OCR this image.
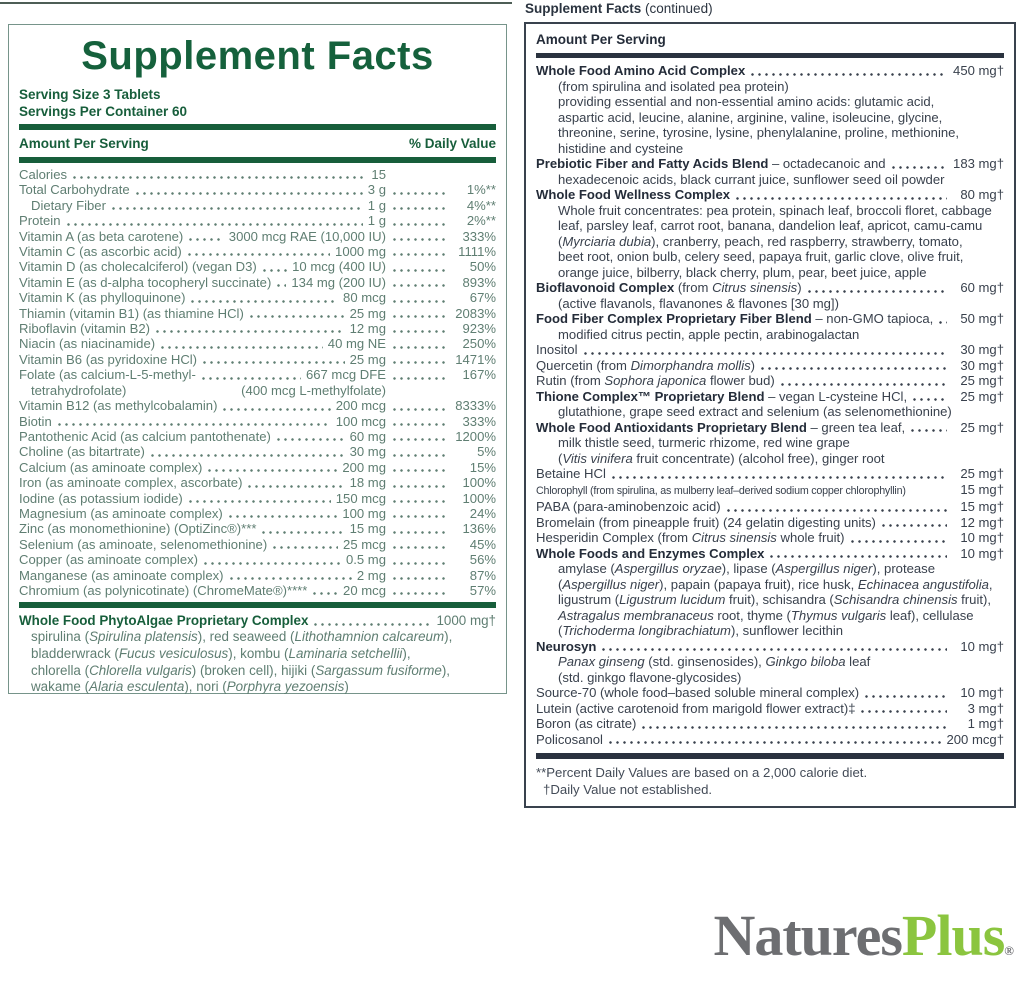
Supplement Facts
Serving Size 3 Tablets
Servings Per Container 60
Amount Per Serving	% Daily Value
Calories	15
Total Carbohydrate	3 g	1%**
Dietary Fiber	1 g	4%**
Protein	1 g	2%**
Vitamin A (as beta carotene)	3000 mcg RAE (10,000 IU)	333%
Vitamin C (as ascorbic acid)	1000 mg	1111%
Vitamin D (as cholecalciferol) (vegan D3)	10 mcg (400 IU)	50%
Vitamin E (as d-alpha tocopheryl succinate) 134 mg (200 IU)	893%
Vitamin K (as phylloquinone)	80 mcg	67%
Thiamin (vitamin B1) (as thiamine HCl)	25 mg	2083%
Riboflavin (vitamin B2)	12 mg	923%
Niacin (as niacinamide)	40 mg NE	250%
Vitamin B6 (as pyridoxine HCl)	25 mg	1471%
Folate (as calcium-L-5-methyl-	667 mcg DFE	167%
tetrahydrofolate)	(400 mcg L-methylfolate)
Vitamin B12 (as methylcobalamin)	200 mcg	8333%
Biotin	100 mcg	333%
Pantothenic Acid (as calcium pantothenate)	60 mg	1200%
Choline (as bitartrate)	30 mg	5%
Calcium (as aminoate complex)	200 mg	15%
Iron (as aminoate complex, ascorbate)	18 mg	100%
Iodine (as potassium iodide)	150 mcg	100%
Magnesium (as aminoate complex)	100 mg	24%
Zinc (as monomethionine) (OptiZinc®)***	15 mg	136%
Selenium (as aminoate, selenomethionine)	25 mcg	45%
Copper (as aminoate complex)	0.5 mg	56%
Manganese (as aminoate complex)	2 mg	87%
Chromium (as polynicotinate) (ChromeMate®)****	20 mcg	57%
Whole Food PhytoAlgae Proprietary Complex	1000 mg†
spirulina (Spirulina platensis), red seaweed (Lithothamnion calcareum),
bladderwrack (Fucus vesiculosus), kombu (Laminaria setchellii),
chlorella (Chlorella vulgaris) (broken cell), hijiki (Sargassum fusiforme),
wakame (Alaria esculenta), nori (Porphyra yezoensis)
Supplement Facts (continued)
Amount Per Serving
Whole Food Amino Acid Complex	450 mg†
(from spirulina and isolated pea protein)
providing essential and non-essential amino acids: glutamic acid,
aspartic acid, leucine, alanine, arginine, valine, isoleucine, glycine,
threonine, serine, tyrosine, lysine, phenylalanine, proline, methionine,
histidine and cysteine
Prebiotic Fiber and Fatty Acids Blend – octadecanoic and	183 mg†
hexadecenoic acids, black currant juice, sunflower seed oil powder
Whole Food Wellness Complex	80 mg†
Whole fruit concentrates: pea protein, spinach leaf, broccoli floret, cabbage
leaf, parsley leaf, carrot root, banana, dandelion leaf, apricot, camu-camu
(Myrciaria dubia), cranberry, peach, red raspberry, strawberry, tomato,
beet root, onion bulb, celery seed, papaya fruit, garlic clove, olive fruit,
orange juice, bilberry, black cherry, plum, pear, beet juice, apple
Bioflavonoid Complex (from Citrus sinensis)	60 mg†
(active flavanols, flavanones & flavones [30 mg])
Food Fiber Complex Proprietary Fiber Blend – non-GMO tapioca,	50 mg†
modified citrus pectin, apple pectin, arabinogalactan
Inositol	30 mg†
Quercetin (from Dimorphandra mollis)	30 mg†
Rutin (from Sophora japonica flower bud)	25 mg†
Thione Complex™ Proprietary Blend – vegan L-cysteine HCl,	25 mg†
glutathione, grape seed extract and selenium (as selenomethionine)
Whole Food Antioxidants Proprietary Blend – green tea leaf,	25 mg†
milk thistle seed, turmeric rhizome, red wine grape
(Vitis vinifera fruit concentrate) (alcohol free), ginger root
Betaine HCl	25 mg†
Chlorophyll (from spirulina, as mulberry leaf–derived sodium copper chlorophyllin)	15 mg†
PABA (para-aminobenzoic acid)	15 mg†
Bromelain (from pineapple fruit) (24 gelatin digesting units)	12 mg†
Hesperidin Complex (from Citrus sinensis whole fruit)	10 mg†
Whole Foods and Enzymes Complex	10 mg†
amylase (Aspergillus oryzae), lipase (Aspergillus niger), protease
(Aspergillus niger), papain (papaya fruit), rice husk, Echinacea angustifolia,
ligustrum (Ligustrum lucidum fruit), schisandra (Schisandra chinensis fruit),
Astragalus membranaceus root, thyme (Thymus vulgaris leaf), cellulase
(Trichoderma longibrachiatum), sunflower lecithin
Neurosyn	10 mg†
Panax ginseng (std. ginsenosides), Ginkgo biloba leaf
(std. ginkgo flavone-glycosides)
Source-70 (whole food–based soluble mineral complex)	10 mg†
Lutein (active carotenoid from marigold flower extract)‡	3 mg†
Boron (as citrate)	1 mg†
Policosanol	200 mcg†
**Percent Daily Values are based on a 2,000 calorie diet.
†Daily Value not established.
NaturesPlus®
